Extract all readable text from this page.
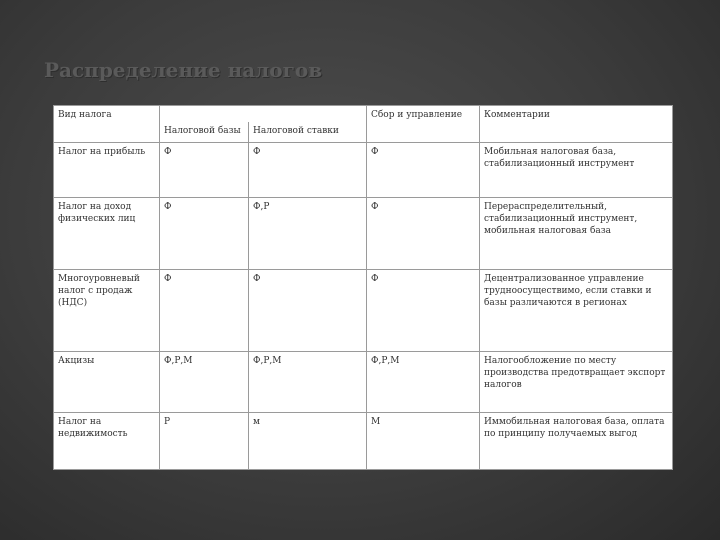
Распределение налогов
Вид налога			Сбор и управление	Комментарии
	Налоговой базы	Налоговой ставки		
Налог на прибыль	Ф	Ф	Ф	Мобильная налоговая база, стабилизационный инструмент
Налог на доход физических лиц	Ф	Ф,Р	Ф	Перераспределительный, стабилизационный инструмент, мобильная налоговая база
Многоуровневый налог с продаж (НДС)	Ф	Ф	Ф	Децентрализованное управление трудноосуществимо, если ставки и базы различаются в регионах
Акцизы	Ф,Р,М	Ф,Р,М	Ф,Р,М	Налогообложение по месту производства предотвращает экспорт налогов
Налог на недвижимость	Р	м	М	Иммобильная налоговая база, оплата по принципу получаемых выгод
